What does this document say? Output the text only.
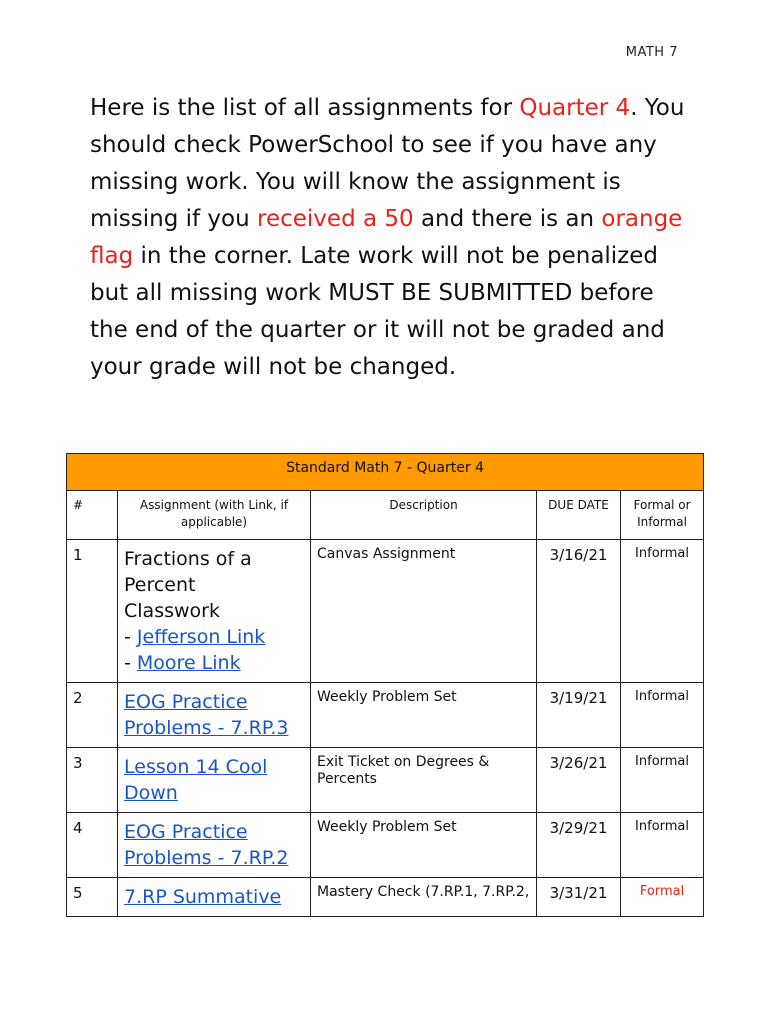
MATH 7

Here is the list of all assignments for Quarter 4. You should check PowerSchool to see if you have any missing work. You will know the assignment is missing if you received a 50 and there is an orange flag in the corner. Late work will not be penalized but all missing work MUST BE SUBMITTED before the end of the quarter or it will not be graded and your grade will not be changed.

Standard Math 7 - Quarter 4				
#	Assignment (with Link, if applicable)	Description	DUE DATE	Formal or Informal
1	Fractions of a
Percent
Classwork
- Jefferson Link
- Moore Link	Canvas Assignment	3/16/21	Informal
2	EOG Practice
Problems - 7.RP.3	Weekly Problem Set	3/19/21	Informal
3	Lesson 14 Cool
Down	Exit Ticket on Degrees & Percents	3/26/21	Informal
4	EOG Practice
Problems - 7.RP.2	Weekly Problem Set	3/29/21	Informal
5	7.RP Summative	Mastery Check (7.RP.1, 7.RP.2,	3/31/21	Formal
